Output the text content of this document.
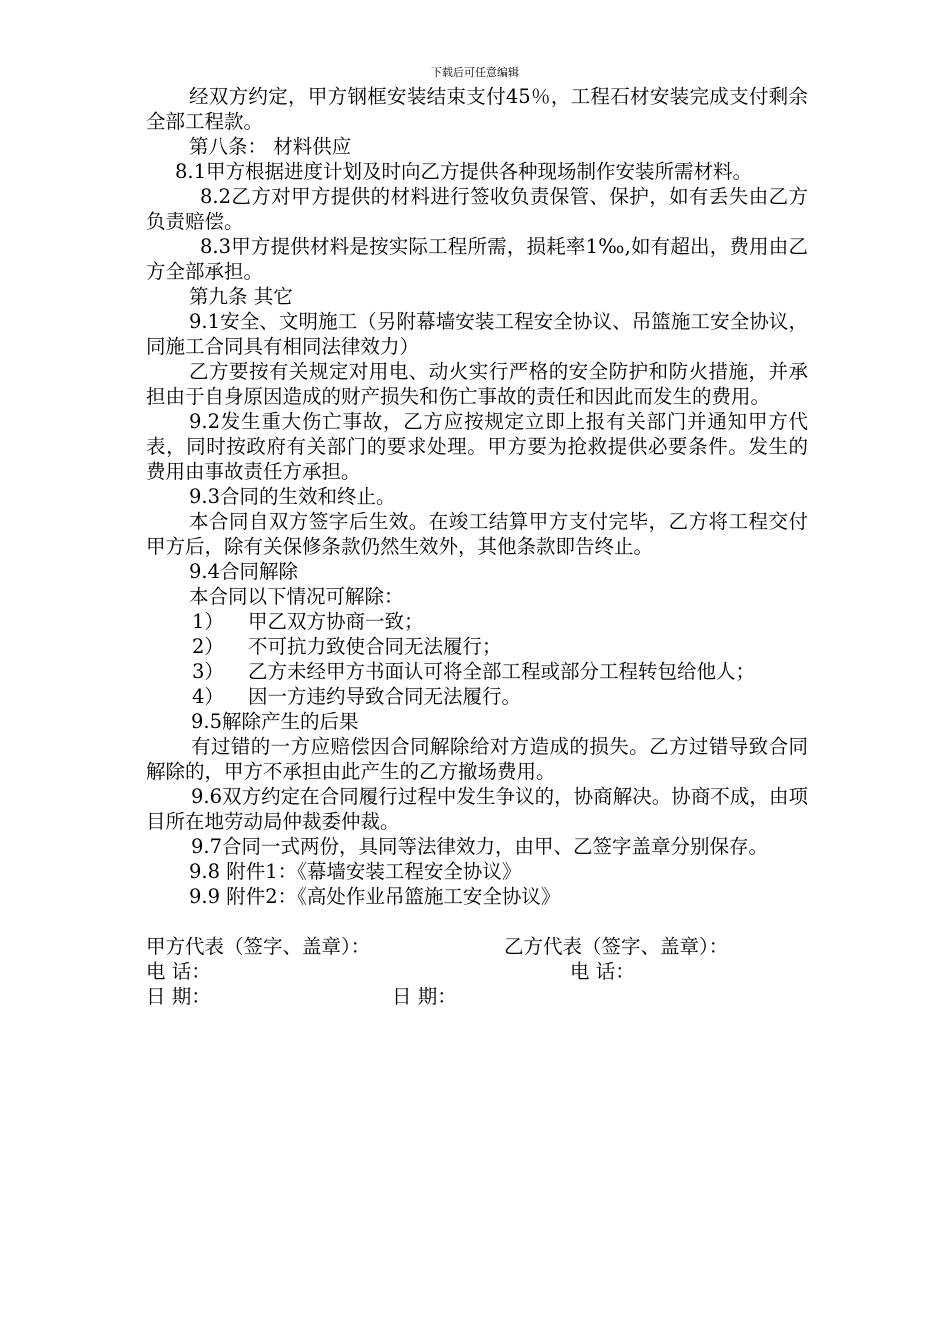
下载后可任意编辑

经双方约定，甲方钢框安装结束支付45％，工程石材安装完成支付剩余全部工程款。

第八条： 材料供应

8.1甲方根据进度计划及时向乙方提供各种现场制作安装所需材料。

8.2乙方对甲方提供的材料进行签收负责保管、保护，如有丢失由乙方负责赔偿。

8.3甲方提供材料是按实际工程所需，损耗率1‰,如有超出，费用由乙方全部承担。

第九条 其它

9.1安全、文明施工（另附幕墙安装工程安全协议、吊篮施工安全协议，同施工合同具有相同法律效力）

乙方要按有关规定对用电、动火实行严格的安全防护和防火措施，并承担由于自身原因造成的财产损失和伤亡事故的责任和因此而发生的费用。

9.2发生重大伤亡事故，乙方应按规定立即上报有关部门并通知甲方代表，同时按政府有关部门的要求处理。甲方要为抢救提供必要条件。发生的费用由事故责任方承担。

9.3合同的生效和终止。

本合同自双方签字后生效。在竣工结算甲方支付完毕，乙方将工程交付甲方后，除有关保修条款仍然生效外，其他条款即告终止。

9.4合同解除

本合同以下情况可解除：

1）	甲乙双方协商一致；
2）	不可抗力致使合同无法履行；
3）	乙方未经甲方书面认可将全部工程或部分工程转包给他人；
4）	因一方违约导致合同无法履行。

9.5解除产生的后果

有过错的一方应赔偿因合同解除给对方造成的损失。乙方过错导致合同解除的，甲方不承担由此产生的乙方撤场费用。

9.6双方约定在合同履行过程中发生争议的，协商解决。协商不成，由项目所在地劳动局仲裁委仲裁。

9.7合同一式两份，具同等法律效力，由甲、乙签字盖章分别保存。

9.8 附件1：《幕墙安装工程安全协议》

9.9 附件2：《高处作业吊篮施工安全协议》

甲方代表（签字、盖章）：	乙方代表（签字、盖章）：
电 话：	电 话：
日 期：	日 期：
